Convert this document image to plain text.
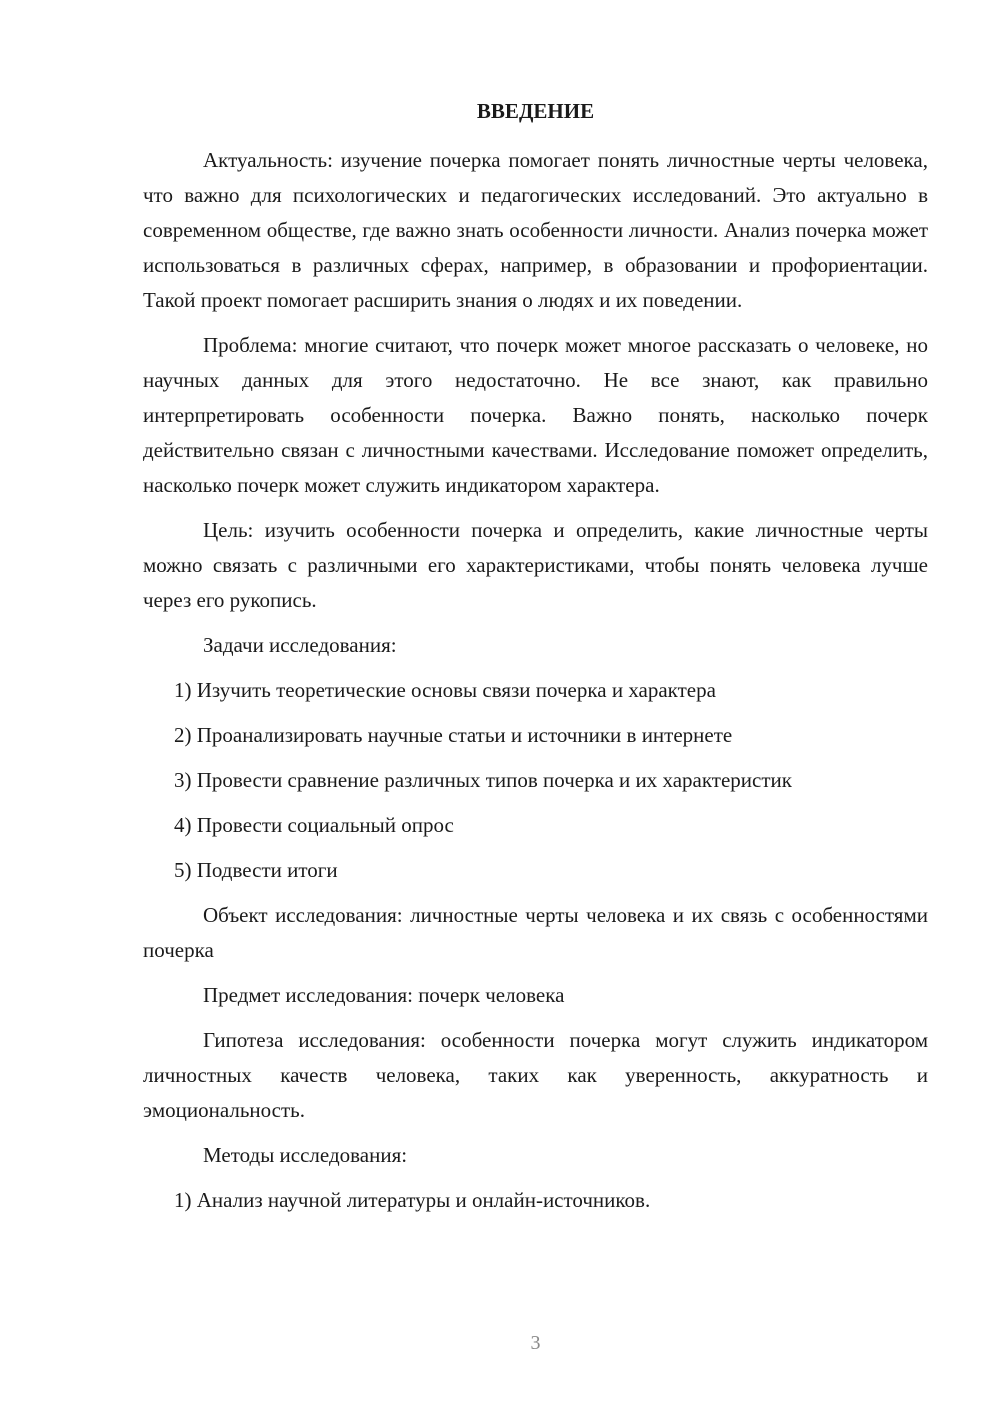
ВВЕДЕНИЕ

Актуальность: изучение почерка помогает понять личностные черты человека, что важно для психологических и педагогических исследований. Это актуально в современном обществе, где важно знать особенности личности. Анализ почерка может использоваться в различных сферах, например, в образовании и профориентации. Такой проект помогает расширить знания о людях и их поведении.

Проблема: многие считают, что почерк может многое рассказать о человеке, но научных данных для этого недостаточно. Не все знают, как правильно интерпретировать особенности почерка. Важно понять, насколько почерк действительно связан с личностными качествами. Исследование поможет определить, насколько почерк может служить индикатором характера.

Цель: изучить особенности почерка и определить, какие личностные черты можно связать с различными его характеристиками, чтобы понять человека лучше через его рукопись.

Задачи исследования:

1) Изучить теоретические основы связи почерка и характера

2) Проанализировать научные статьи и источники в интернете

3) Провести сравнение различных типов почерка и их характеристик

4) Провести социальный опрос

5) Подвести итоги

Объект исследования: личностные черты человека и их связь с особенностями почерка

Предмет исследования: почерк человека

Гипотеза исследования: особенности почерка могут служить индикатором личностных качеств человека, таких как уверенность, аккуратность и эмоциональность.

Методы исследования:

1) Анализ научной литературы и онлайн-источников.

3
